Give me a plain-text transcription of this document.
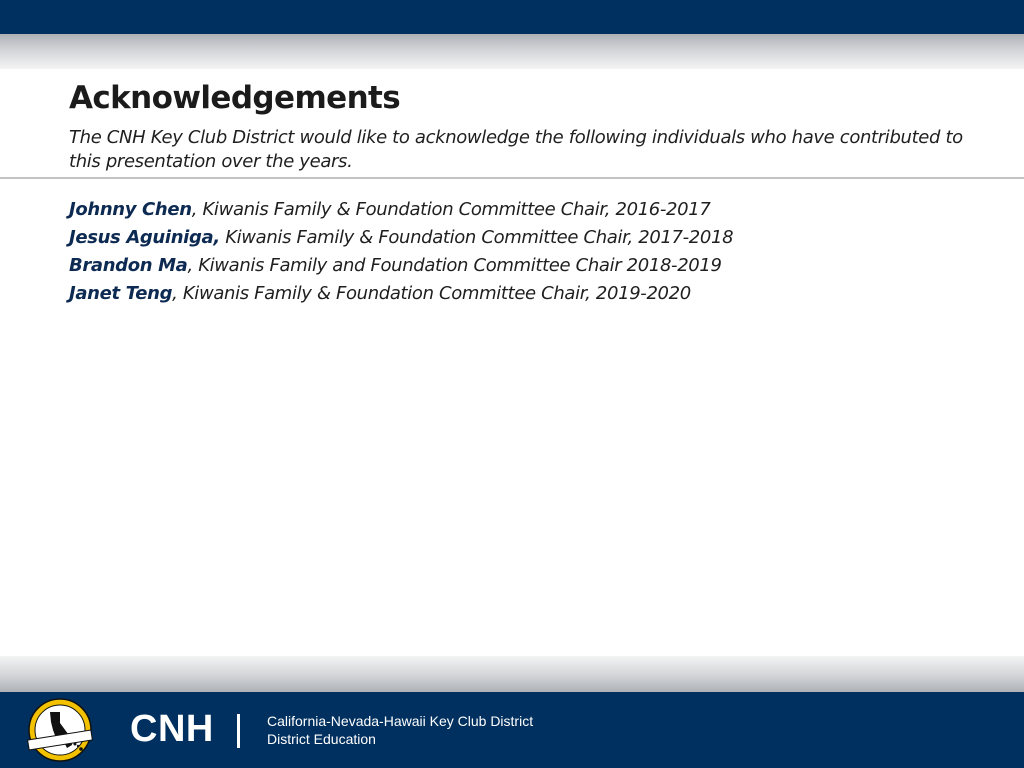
Acknowledgements

The CNH Key Club District would like to acknowledge the following individuals who have contributed to this presentation over the years.

Johnny Chen, Kiwanis Family & Foundation Committee Chair, 2016-2017
Jesus Aguiniga, Kiwanis Family & Foundation Committee Chair, 2017-2018
Brandon Ma, Kiwanis Family and Foundation Committee Chair 2018-2019
Janet Teng, Kiwanis Family & Foundation Committee Chair, 2019-2020
CNH	California-Nevada-Hawaii Key Club District
District Education
